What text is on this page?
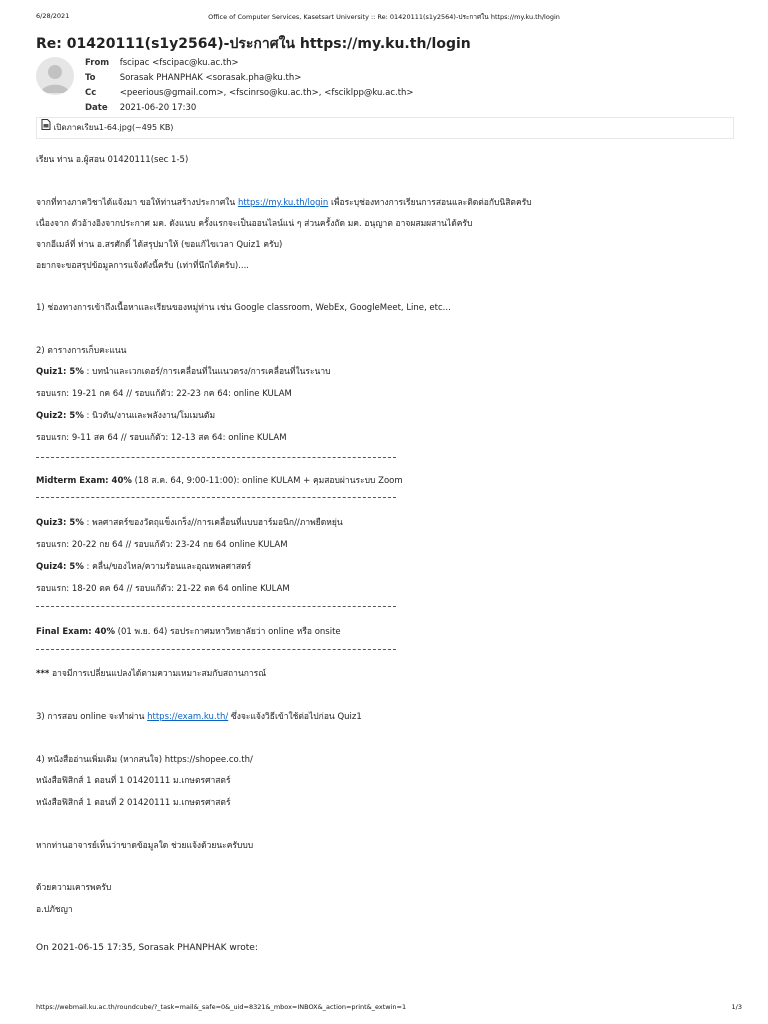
6/28/2021	Office of Computer Services, Kasetsart University :: Re: 01420111(s1y2564)-ประกาศใน https://my.ku.th/login
Re: 01420111(s1y2564)-ประกาศใน https://my.ku.th/login
From fscipac <fscipac@ku.ac.th>
To	Sorasak PHANPHAK <sorasak.pha@ku.th>
Cc	<peerious@gmail.com>, <fscinrso@ku.ac.th>, <fsciklpp@ku.ac.th>
Date 2021-06-20 17:30
เปิดภาคเรียน1-64.jpg(~495 KB)
เรียน ท่าน อ.ผู้สอน 01420111(sec 1-5)
จากที่ทางภาควิชาได้แจ้งมา ขอให้ท่านสร้างประกาศใน https://my.ku.th/login เพื่อระบุช่องทางการเรียนการสอนและติดต่อกับนิสิตครับ
เนื่องจาก ตัวอ้างอิงจากประกาศ มค. ดังแนบ ครั้งแรกจะเป็นออนไลน์แน่ ๆ ส่วนครั้งถัด มค. อนุญาต อาจผสมผสานได้ครับ
จากอีเมล์ที่ ท่าน อ.สรศักดิ์ ได้สรุปมาให้ (ขอแก้ไขเวลา Quiz1 ครับ)
อยากจะขอสรุปข้อมูลการแจ้งดังนี้ครับ (เท่าที่นึกได้ครับ)....
1) ช่องทางการเข้าถึงเนื้อหาและเรียนของหมู่ท่าน เช่น Google classroom, WebEx, GoogleMeet, Line, etc...
2) ตารางการเก็บคะแนน
Quiz1: 5% : บทนำและเวกเตอร์/การเคลื่อนที่ในแนวตรง/การเคลื่อนที่ในระนาบ
รอบแรก: 19-21 กค 64 // รอบแก้ตัว: 22-23 กค 64: online KULAM
Quiz2: 5% : นิวตัน/งานและพลังงาน/โมเมนตัม
รอบแรก: 9-11 สค 64 // รอบแก้ตัว: 12-13 สค 64: online KULAM
Midterm Exam: 40% (18 ส.ค. 64, 9:00-11:00): online KULAM + คุมสอบผ่านระบบ Zoom
Quiz3: 5% : พลศาสตร์ของวัตถุแข็งเกร็ง//การเคลื่อนที่แบบฮาร์มอนิก//ภาพยืดหยุ่น
รอบแรก: 20-22 กย 64 // รอบแก้ตัว: 23-24 กย 64 online KULAM
Quiz4: 5% : คลื่น/ของไหล/ความร้อนและอุณหพลศาสตร์
รอบแรก: 18-20 ตค 64 // รอบแก้ตัว: 21-22 ตค 64 online KULAM
Final Exam: 40% (01 พ.ย. 64) รอประกาศมหาวิทยาลัยว่า online หรือ onsite
*** อาจมีการเปลี่ยนแปลงได้ตามความเหมาะสมกับสถานการณ์
3) การสอบ online จะทำผ่าน https://exam.ku.th/ ซึ่งจะแจ้งวิธีเข้าใช้ต่อไปก่อน Quiz1
4) หนังสืออ่านเพิ่มเติม (หากสนใจ) https://shopee.co.th/
หนังสือฟิสิกส์ 1 ตอนที่ 1 01420111 ม.เกษตรศาสตร์
หนังสือฟิสิกส์ 1 ตอนที่ 2 01420111 ม.เกษตรศาสตร์
หากท่านอาจารย์เห็นว่าขาดข้อมูลใด ช่วยแจ้งด้วยนะครับบบ
ด้วยความเคารพครับ
อ.ปภัชญา
On 2021-06-15 17:35, Sorasak PHANPHAK wrote:
https://webmail.ku.ac.th/roundcube/?_task=mail&_safe=0&_uid=8321&_mbox=INBOX&_action=print&_extwin=1	1/3
